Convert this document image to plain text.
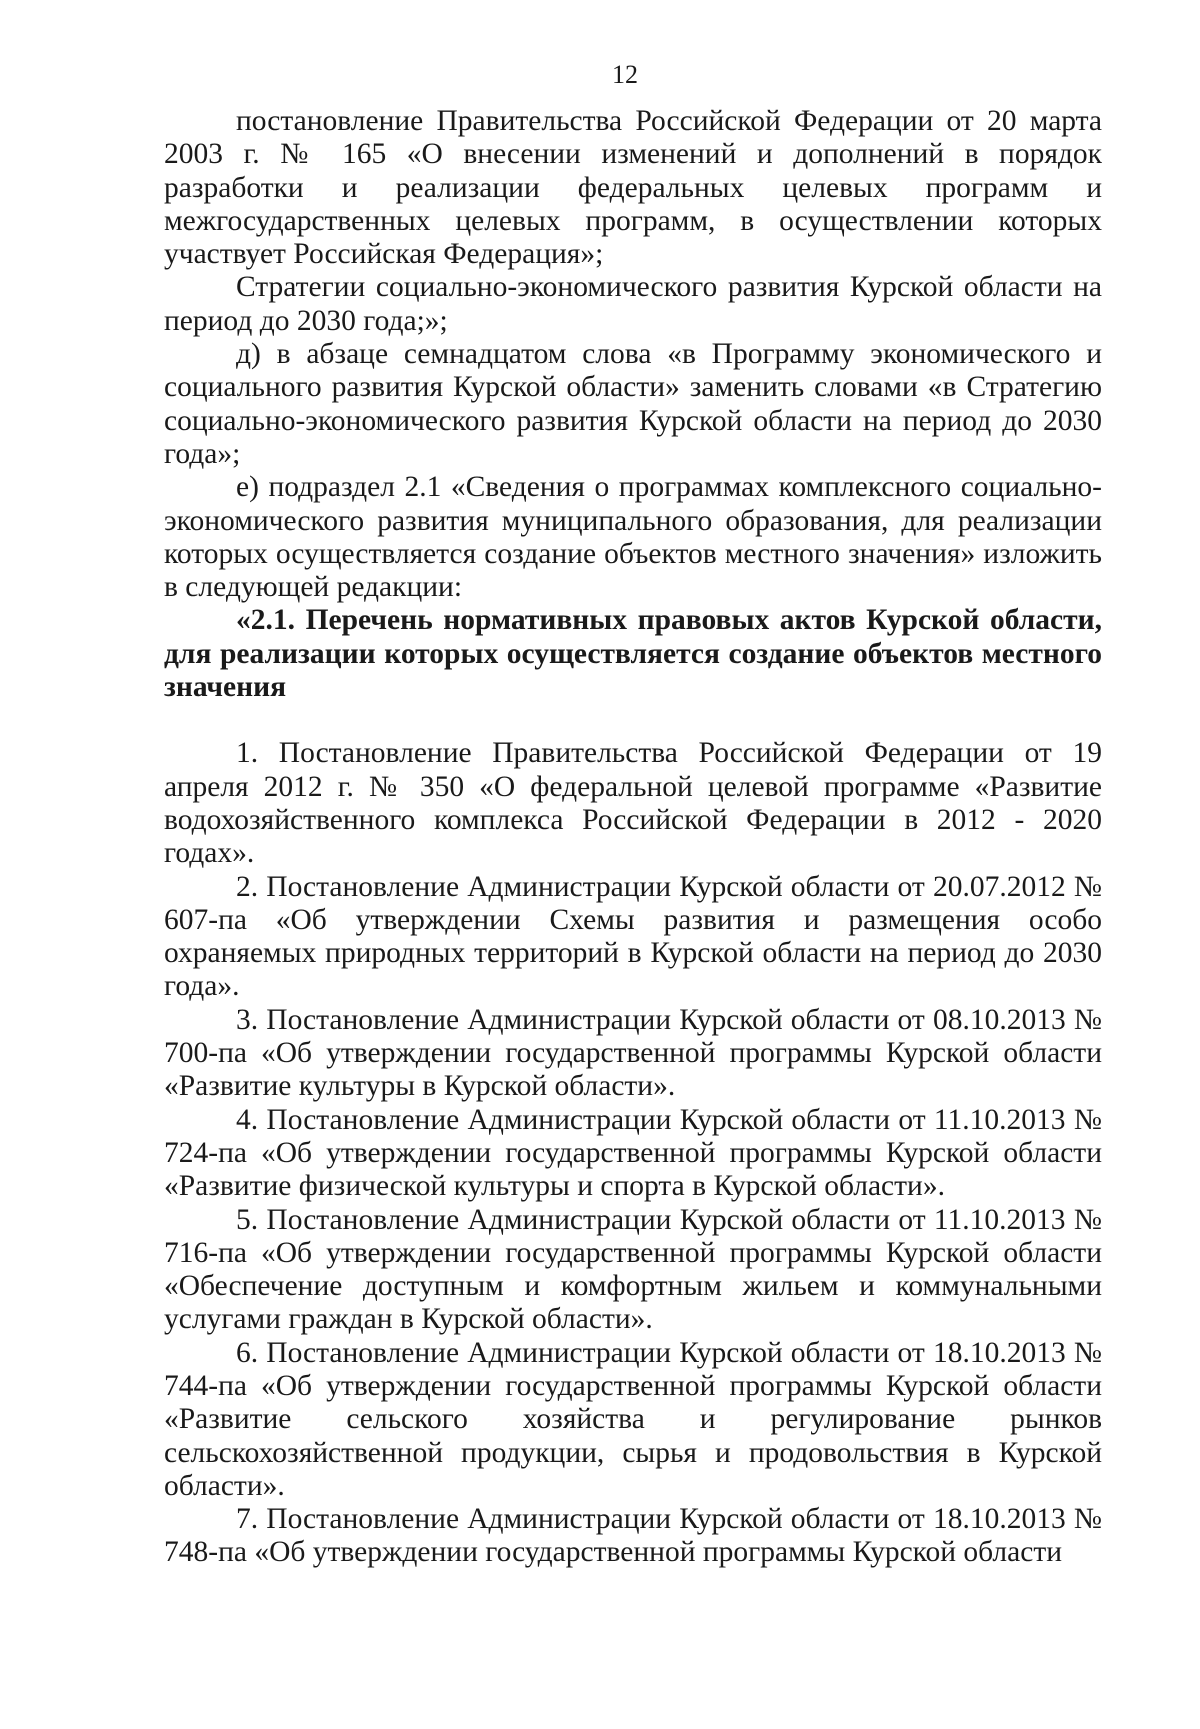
12

постановление Правительства Российской Федерации от 20 марта 2003 г. № 165 «О внесении изменений и дополнений в порядок разработки и реализации федеральных целевых программ и межгосударственных целевых программ, в осуществлении которых участвует Российская Федерация»;

Стратегии социально-экономического развития Курской области на период до 2030 года;»;

д) в абзаце семнадцатом слова «в Программу экономического и социального развития Курской области» заменить словами «в Стратегию социально-экономического развития Курской области на период до 2030 года»;

е) подраздел 2.1 «Сведения о программах комплексного социально-экономического развития муниципального образования, для реализации которых осуществляется создание объектов местного значения» изложить в следующей редакции:

«2.1. Перечень нормативных правовых актов Курской области, для реализации которых осуществляется создание объектов местного значения

1. Постановление Правительства Российской Федерации от 19 апреля 2012 г. № 350 «О федеральной целевой программе «Развитие водохозяйственного комплекса Российской Федерации в 2012 - 2020 годах».

2. Постановление Администрации Курской области от 20.07.2012 № 607-па «Об утверждении Схемы развития и размещения особо охраняемых природных территорий в Курской области на период до 2030 года».

3. Постановление Администрации Курской области от 08.10.2013 № 700-па «Об утверждении государственной программы Курской области «Развитие культуры в Курской области».

4. Постановление Администрации Курской области от 11.10.2013 № 724-па «Об утверждении государственной программы Курской области «Развитие физической культуры и спорта в Курской области».

5. Постановление Администрации Курской области от 11.10.2013 № 716-па «Об утверждении государственной программы Курской области «Обеспечение доступным и комфортным жильем и коммунальными услугами граждан в Курской области».

6. Постановление Администрации Курской области от 18.10.2013 № 744-па «Об утверждении государственной программы Курской области «Развитие сельского хозяйства и регулирование рынков сельскохозяйственной продукции, сырья и продовольствия в Курской области».

7. Постановление Администрации Курской области от 18.10.2013 № 748-па «Об утверждении государственной программы Курской области
